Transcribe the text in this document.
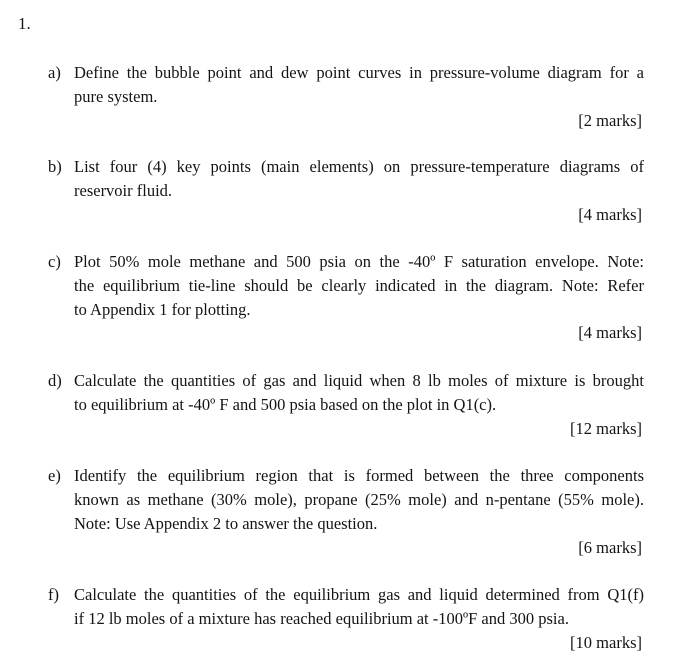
1.
a) Define the bubble point and dew point curves in pressure-volume diagram for a
pure system.
[2 marks]
b) List four (4) key points (main elements) on pressure-temperature diagrams of
reservoir fluid.
[4 marks]
c) Plot 50% mole methane and 500 psia on the -40º F saturation envelope. Note:
the equilibrium tie-line should be clearly indicated in the diagram. Note: Refer
to Appendix 1 for plotting.
[4 marks]
d) Calculate the quantities of gas and liquid when 8 lb moles of mixture is brought
to equilibrium at -40º F and 500 psia based on the plot in Q1(c).
[12 marks]
e) Identify the equilibrium region that is formed between the three components
known as methane (30% mole), propane (25% mole) and n-pentane (55% mole).
Note: Use Appendix 2 to answer the question.
[6 marks]
f) Calculate the quantities of the equilibrium gas and liquid determined from Q1(f)
if 12 lb moles of a mixture has reached equilibrium at -100ºF and 300 psia.
[10 marks]
